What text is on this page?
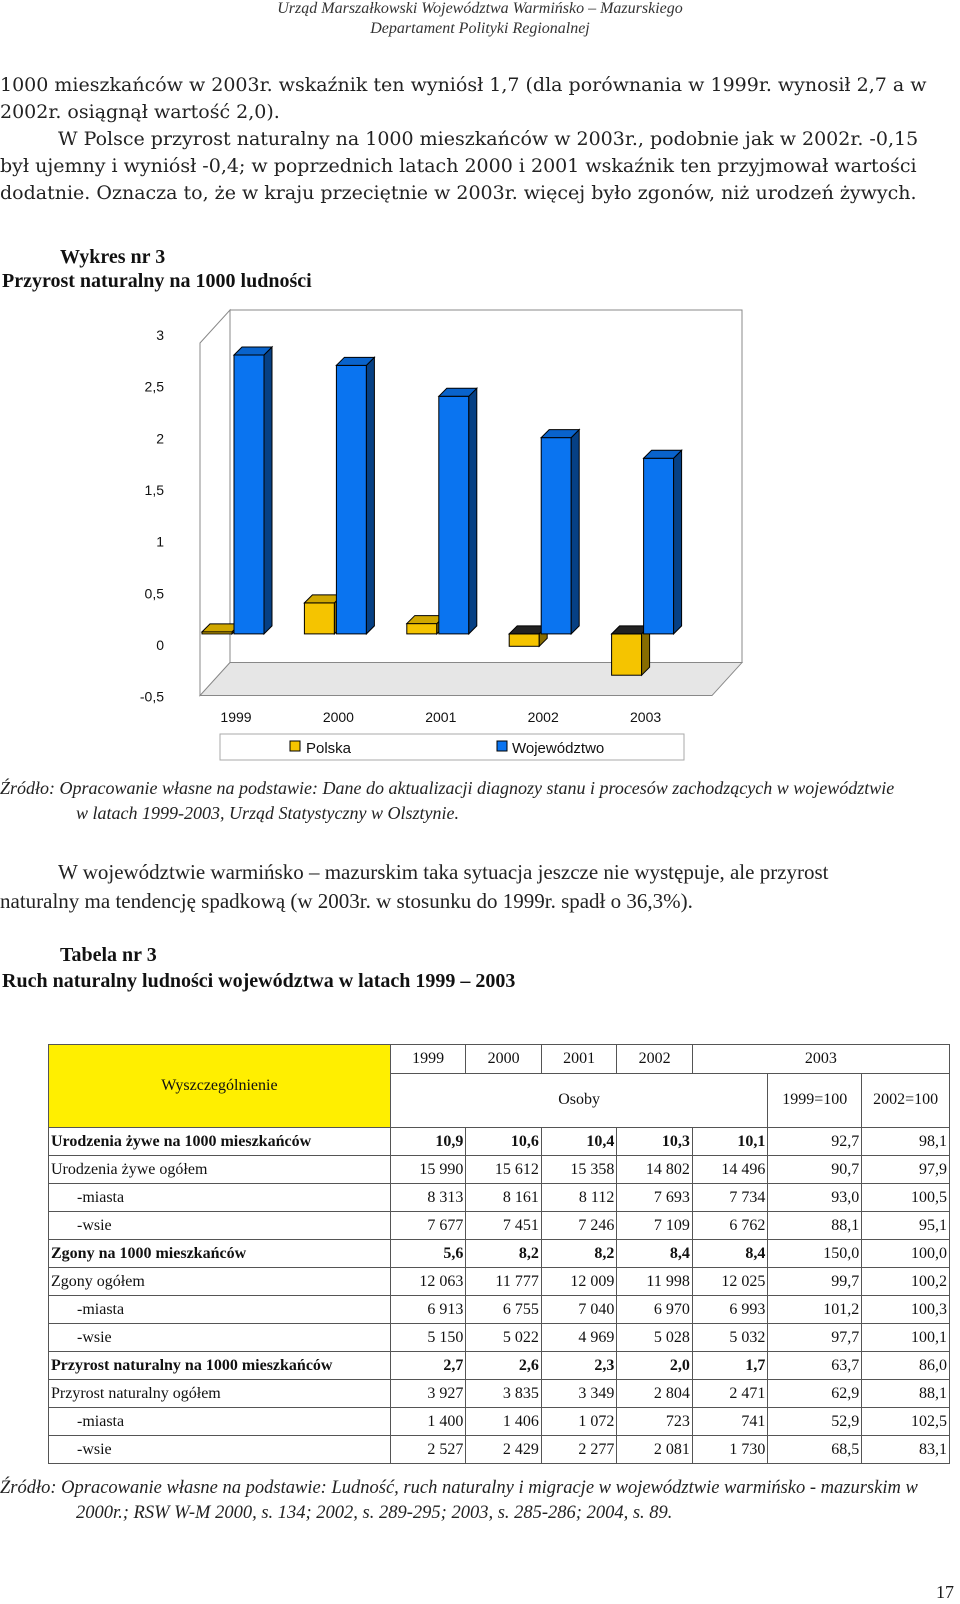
Urząd Marszałkowski Województwa Warmińsko – Mazurskiego
Departament Polityki Regionalnej
1000 mieszkańców w 2003r. wskaźnik ten wyniósł 1,7 (dla porównania w 1999r. wynosił 2,7 a w
2002r. osiągnął wartość 2,0).
W Polsce przyrost naturalny na 1000 mieszkańców w 2003r., podobnie jak w 2002r. -0,15
był ujemny i wyniósł -0,4; w poprzednich latach 2000 i 2001 wskaźnik ten przyjmował wartości
dodatnie. Oznacza to, że w kraju przeciętnie w 2003r. więcej było zgonów, niż urodzeń żywych.
Wykres nr 3
Przyrost naturalny na 1000 ludności
-0,5
0
0,5
1
1,5
2
2,5
3
1999	2000	2001	2002	2003
Polska	Województwo
Źródło: Opracowanie własne na podstawie: Dane do aktualizacji diagnozy stanu i procesów zachodzących w województwie
w latach 1999-2003, Urząd Statystyczny w Olsztynie.
W województwie warmińsko – mazurskim taka sytuacja jeszcze nie występuje, ale przyrost
naturalny ma tendencję spadkową (w 2003r. w stosunku do 1999r. spadł o 36,3%).
Tabela nr 3
Ruch naturalny ludności województwa w latach 1999 – 2003
Wyszczególnienie	1999	2000	2001	2002	2003		
	Osoby					1999=100	2002=100
Urodzenia żywe na 1000 mieszkańców	10,9	10,6	10,4	10,3	10,1	92,7	98,1
Urodzenia żywe ogółem	15 990	15 612	15 358	14 802	14 496	90,7	97,9
-miasta	8 313	8 161	8 112	7 693	7 734	93,0	100,5
-wsie	7 677	7 451	7 246	7 109	6 762	88,1	95,1
Zgony na 1000 mieszkańców	5,6	8,2	8,2	8,4	8,4	150,0	100,0
Zgony ogółem	12 063	11 777	12 009	11 998	12 025	99,7	100,2
-miasta	6 913	6 755	7 040	6 970	6 993	101,2	100,3
-wsie	5 150	5 022	4 969	5 028	5 032	97,7	100,1
Przyrost naturalny na 1000 mieszkańców	2,7	2,6	2,3	2,0	1,7	63,7	86,0
Przyrost naturalny ogółem	3 927	3 835	3 349	2 804	2 471	62,9	88,1
-miasta	1 400	1 406	1 072	723	741	52,9	102,5
-wsie	2 527	2 429	2 277	2 081	1 730	68,5	83,1
Źródło: Opracowanie własne na podstawie: Ludność, ruch naturalny i migracje w województwie warmińsko - mazurskim w
2000r.; RSW W-M 2000, s. 134; 2002, s. 289-295; 2003, s. 285-286; 2004, s. 89.
17
